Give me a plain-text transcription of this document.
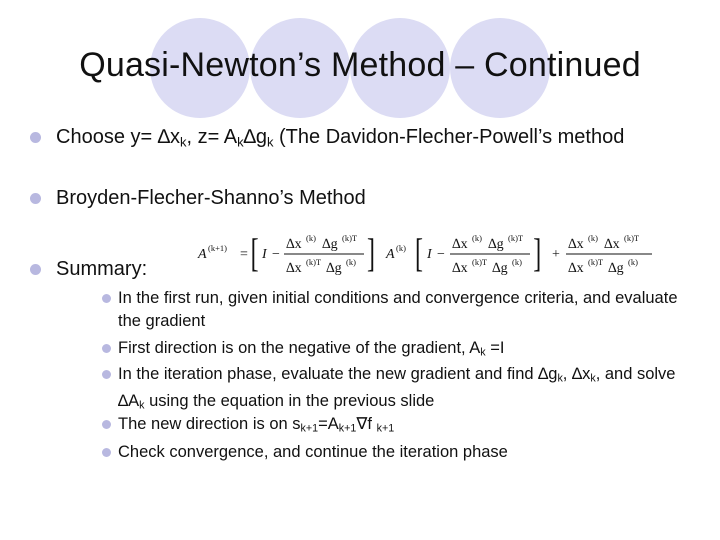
Quasi-Newton’s Method – Continued
Choose $y= \Delta x_k$, $z= A_k\Delta g_k$ (The Davidon-Flecher-Powell’s method
Broyden-Flecher-Shanno’s Method
Summary:
A (k+1) = [ I −
∆x (k) ∆g (k)T
∆x (k)T ∆g (k) ] A (k) [ I −
∆x (k) ∆g (k)T
∆x (k)T ∆g (k) ] +
∆x (k) ∆x (k)T
∆x (k)T ∆g (k)
In the first run, given initial conditions and convergence criteria, and evaluate the gradient
First direction is on the negative of the gradient, $A_k =I$
In the iteration phase, evaluate the new gradient and find $\Delta g_k$, $\Delta x_k$, and solve $\Delta A_k$ using the equation in the previous slide
The new direction is on $s_{k+1}=A_{k+1}\nabla f$ $_{k+1}$
Check convergence, and continue the iteration phase
